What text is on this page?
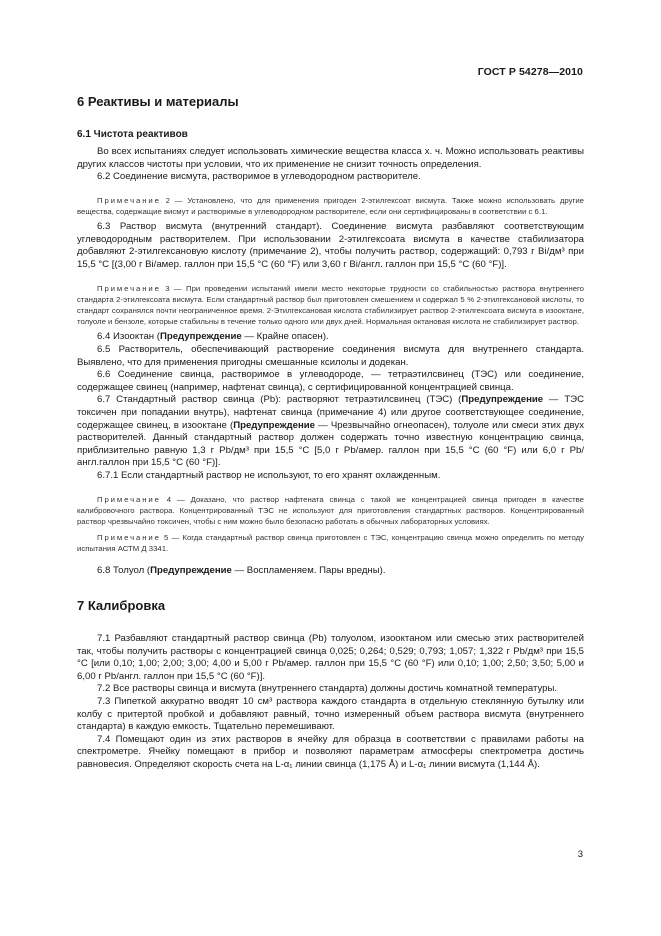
ГОСТ Р 54278—2010
6 Реактивы и материалы
6.1 Чистота реактивов

Во всех испытаниях следует использовать химические вещества класса х. ч. Можно использовать реактивы других классов чистоты при условии, что их применение не снизит точность определения.

6.2 Соединение висмута, растворимое в углеводородном растворителе.

Примечание 2 — Установлено, что для применения пригоден 2-этилгексоат висмута. Также можно использовать другие вещества, содержащие висмут и растворимые в углеводородном растворителе, если они сертифицированы в соответствии с 6.1.

6.3 Раствор висмута (внутренний стандарт). Соединение висмута разбавляют соответствующим углеводородным растворителем. При использовании 2-этилгексоата висмута в качестве стабилизатора добавляют 2-этилгексановую кислоту (примечание 2), чтобы получить раствор, содержащий: 0,793 г Bi/дм³ при 15,5 °С [(3,00 г Bi/амер. галлон при 15,5 °С (60 °F) или 3,60 г Bi/англ. галлон при 15,5 °С (60 °F)].

Примечание 3 — При проведении испытаний имели место некоторые трудности со стабильностью раствора внутреннего стандарта 2-этилгексоата висмута. Если стандартный раствор был приготовлен смешением и содержал 5 % 2-этилгексановой кислоты, то стандарт сохранялся почти неограниченное время. 2-Этилгексановая кислота стабилизирует раствор 2-этилгексоата висмута в изооктане, толуоле и бензоле, которые стабильны в течение только одного или двух дней. Нормальная октановая кислота не стабилизирует раствор.

6.4 Изооктан (Предупреждение — Крайне опасен).

6.5 Растворитель, обеспечивающий растворение соединения висмута для внутреннего стандарта. Выявлено, что для применения пригодны смешанные ксилолы и додекан.

6.6 Соединение свинца, растворимое в углеводороде, — тетраэтилсвинец (ТЭС) или соединение, содержащее свинец (например, нафтенат свинца), с сертифицированной концентрацией свинца.

6.7 Стандартный раствор свинца (Pb): растворяют тетраэтилсвинец (ТЭС) (Предупреждение — ТЭС токсичен при попадании внутрь), нафтенат свинца (примечание 4) или другое соответствующее соединение, содержащее свинец, в изооктане (Предупреждение — Чрезвычайно огнеопасен), толуоле или смеси этих двух растворителей. Данный стандартный раствор должен содержать точно известную концентрацию свинца, приблизительно равную 1,3 г Pb/дм³ при 15,5 °С [5,0 г Pb/амер. галлон при 15,5 °С (60 °F) или 6,0 г Pb/англ.галлон при 15,5 °С (60 °F)].

6.7.1 Если стандартный раствор не используют, то его хранят охлажденным.

Примечание 4 — Доказано, что раствор нафтената свинца с такой же концентрацией свинца пригоден в качестве калибровочного раствора. Концентрированный ТЭС не используют для приготовления стандартных растворов. Концентрированный раствор чрезвычайно токсичен, чтобы с ним можно было безопасно работать в обычных лабораторных условиях.

Примечание 5 — Когда стандартный раствор свинца приготовлен с ТЭС, концентрацию свинца можно определить по методу испытания АСТМ Д 3341.

6.8 Толуол (Предупреждение — Воспламеняем. Пары вредны).

7 Калибровка

7.1 Разбавляют стандартный раствор свинца (Pb) толуолом, изооктаном или смесью этих растворителей так, чтобы получить растворы с концентрацией свинца 0,025; 0,264; 0,529; 0,793; 1,057; 1,322 г Pb/дм³ при 15,5 °С [или 0,10; 1,00; 2,00; 3,00; 4,00 и 5,00 г Pb/амер. галлон при 15,5 °С (60 °F) или 0,10; 1,00; 2,50; 3,50; 5,00 и 6,00 г Pb/англ. галлон при 15,5 °С (60 °F)].

7.2 Все растворы свинца и висмута (внутреннего стандарта) должны достичь комнатной температуры.

7.3 Пипеткой аккуратно вводят 10 см³ раствора каждого стандарта в отдельную стеклянную бутылку или колбу с притертой пробкой и добавляют равный, точно измеренный объем раствора висмута (внутреннего стандарта) в каждую емкость. Тщательно перемешивают.

7.4 Помещают один из этих растворов в ячейку для образца в соответствии с правилами работы на спектрометре. Ячейку помещают в прибор и позволяют параметрам атмосферы спектрометра достичь равновесия. Определяют скорость счета на L-α₁ линии свинца (1,175 Å) и L-α₁ линии висмута (1,144 Å).

3
